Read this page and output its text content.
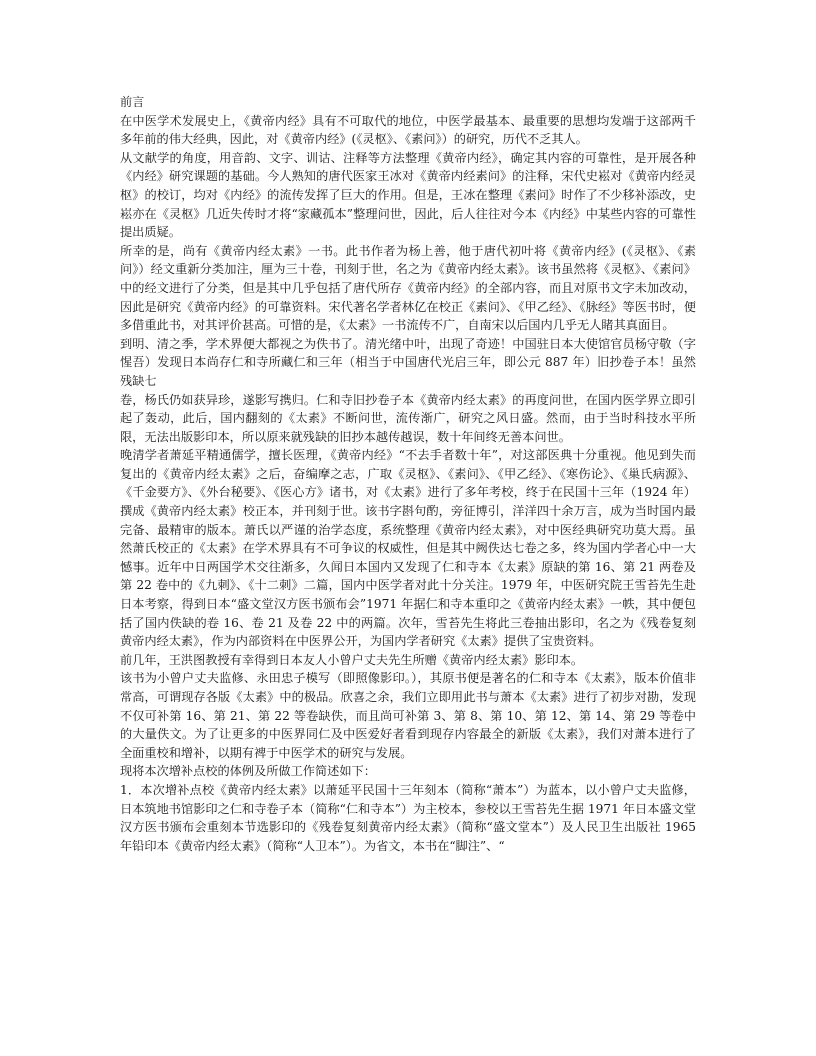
前言

在中医学术发展史上，《黄帝内经》具有不可取代的地位，中医学最基本、最重要的思想均发端于这部两千多年前的伟大经典，因此，对《黄帝内经》(《灵枢》、《素问》）的研究，历代不乏其人。

从文献学的角度，用音韵、文字、训诂、注释等方法整理《黄帝内经》，确定其内容的可靠性，是开展各种《内经》研究课题的基础。今人熟知的唐代医家王冰对《黄帝内经素问》的注释，宋代史崧对《黄帝内经灵枢》的校订，均对《内经》的流传发挥了巨大的作用。但是，王冰在整理《素问》时作了不少移补添改，史崧亦在《灵枢》几近失传时才将“家藏孤本”整理问世，因此，后人往往对今本《内经》中某些内容的可靠性提出质疑。

所幸的是，尚有《黄帝内经太素》一书。此书作者为杨上善，他于唐代初叶将《黄帝内经》(《灵枢》、《素问》）经文重新分类加注，厘为三十卷，刊刻于世，名之为《黄帝内经太素》。该书虽然将《灵枢》、《素问》中的经文进行了分类，但是其中几乎包括了唐代所存《黄帝内经》的全部内容，而且对原书文字未加改动，因此是研究《黄帝内经》的可靠资料。宋代著名学者林亿在校正《素问》、《甲乙经》、《脉经》等医书时，便多借重此书，对其评价甚高。可惜的是，《太素》一书流传不广，自南宋以后国内几乎无人睹其真面目。

到明、清之季，学术界便大都视之为佚书了。清光绪中叶，出现了奇迹！中国驻日本大使馆官员杨守敬（字惺吾）发现日本尚存仁和寺所藏仁和三年（相当于中国唐代光启三年，即公元 887 年）旧抄卷子本！虽然残缺七

卷，杨氏仍如获异珍，遂影写携归。仁和寺旧抄卷子本《黄帝内经太素》的再度问世，在国内医学界立即引起了轰动，此后，国内翻刻的《太素》不断问世，流传渐广，研究之风日盛。然而，由于当时科技水平所限，无法出版影印本，所以原来就残缺的旧抄本越传越误，数十年间终无善本问世。

晚清学者萧延平精通儒学，擅长医理，《黄帝内经》“不去手者数十年”，对这部医典十分重视。他见到失而复出的《黄帝内经太素》之后，奋编摩之志，广取《灵枢》、《素问》、《甲乙经》、《寒伤论》、《巢氏病源》、《千金要方》、《外台秘要》、《医心方》诸书，对《太素》进行了多年考校，终于在民国十三年（1924 年）撰成《黄帝内经太素》校正本，并刊刻于世。该书字斟句酌，旁征博引，洋洋四十余万言，成为当时国内最完备、最精审的版本。萧氏以严谨的治学态度，系统整理《黄帝内经太素》，对中医经典研究功莫大焉。虽然萧氏校正的《太素》在学术界具有不可争议的权威性，但是其中阙佚达七卷之多，终为国内学者心中一大憾事。近年中日两国学术交往渐多，久闻日本国内又发现了仁和寺本《太素》原缺的第 16、第 21 两卷及第 22 卷中的《九刺》、《十二刺》二篇，国内中医学者对此十分关注。1979 年，中医研究院王雪苔先生赴日本考察，得到日本“盛文堂汉方医书颁布会”1971 年据仁和寺本重印之《黄帝内经太素》一帙，其中便包括了国内佚缺的卷 16、卷 21 及卷 22 中的两篇。次年，雪苔先生将此三卷抽出影印，名之为《残卷复刻黄帝内经太素》，作为内部资料在中医界公开，为国内学者研究《太素》提供了宝贵资料。

前几年，王洪图教授有幸得到日本友人小曾户丈夫先生所赠《黄帝内经太素》影印本。

该书为小曾户丈夫监修、永田忠子模写（即照像影印。），其原书便是著名的仁和寺本《太素》，版本价值非常高，可谓现存各版《太素》中的极品。欣喜之余，我们立即用此书与萧本《太素》进行了初步对勘，发现不仅可补第 16、第 21、第 22 等卷缺佚，而且尚可补第 3、第 8、第 10、第 12、第 14、第 29 等卷中的大量佚文。为了让更多的中医界同仁及中医爱好者看到现存内容最全的新版《太素》，我们对萧本进行了全面重校和增补，以期有裨于中医学术的研究与发展。

现将本次增补点校的体例及所做工作简述如下：

1．本次增补点校《黄帝内经太素》以萧延平民国十三年刻本（简称“萧本”）为蓝本，以小曾户丈夫监修，日本筑地书馆影印之仁和寺卷子本（简称“仁和寺本”）为主校本，参校以王雪苔先生据 1971 年日本盛文堂汉方医书颁布会重刻本节选影印的《残卷复刻黄帝内经太素》（简称“盛文堂本”）及人民卫生出版社 1965 年铅印本《黄帝内经太素》（简称“人卫本”）。为省文，本书在“脚注”、“
